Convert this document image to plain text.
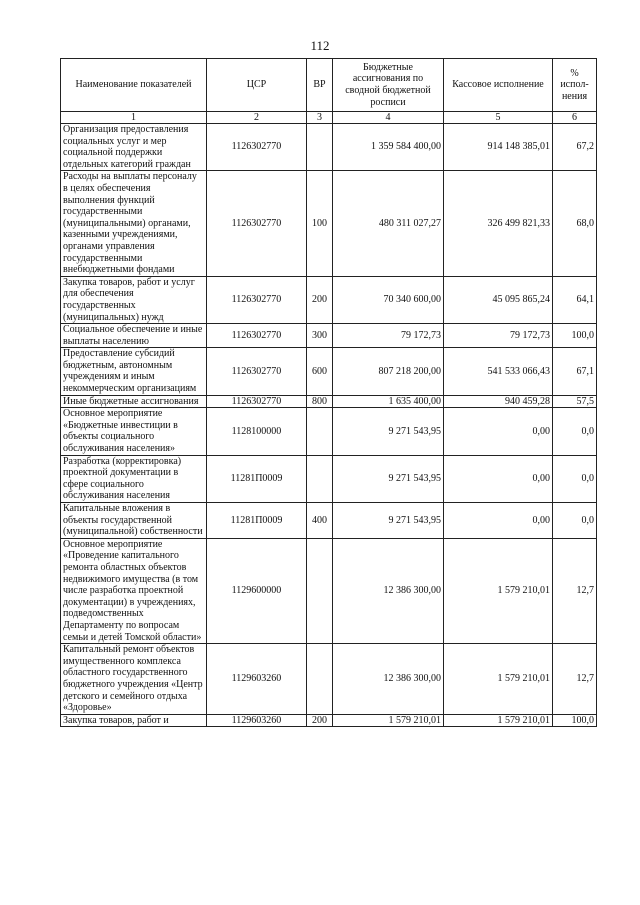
112
Наименование показателей	ЦСР	ВР	Бюджетные ассигнования по сводной бюджетной росписи	Кассовое исполнение	% испол-нения
1	2	3	4	5	6
Организация предоставления социальных услуг и мер социальной поддержки отдельных категорий граждан	1126302770		1 359 584 400,00	914 148 385,01	67,2
Расходы на выплаты персоналу в целях обеспечения выполнения функций государственными (муниципальными) органами, казенными учреждениями, органами управления государственными внебюджетными фондами	1126302770	100	480 311 027,27	326 499 821,33	68,0
Закупка товаров, работ и услуг для обеспечения государственных (муниципальных) нужд	1126302770	200	70 340 600,00	45 095 865,24	64,1
Социальное обеспечение и иные выплаты населению	1126302770	300	79 172,73	79 172,73	100,0
Предоставление субсидий бюджетным, автономным учреждениям и иным некоммерческим организациям	1126302770	600	807 218 200,00	541 533 066,43	67,1
Иные бюджетные ассигнования	1126302770	800	1 635 400,00	940 459,28	57,5
Основное мероприятие «Бюджетные инвестиции в объекты социального обслуживания населения»	1128100000		9 271 543,95	0,00	0,0
Разработка (корректировка) проектной документации в сфере социального обслуживания населения	11281П0009		9 271 543,95	0,00	0,0
Капитальные вложения в объекты государственной (муниципальной) собственности	11281П0009	400	9 271 543,95	0,00	0,0
Основное мероприятие «Проведение капитального ремонта областных объектов недвижимого имущества (в том числе разработка проектной документации) в учреждениях, подведомственных Департаменту по вопросам семьи и детей Томской области»	1129600000		12 386 300,00	1 579 210,01	12,7
Капитальный ремонт объектов имущественного комплекса областного государственного бюджетного учреждения «Центр детского и семейного отдыха «Здоровье»	1129603260		12 386 300,00	1 579 210,01	12,7
Закупка товаров, работ и	1129603260	200	1 579 210,01	1 579 210,01	100,0
